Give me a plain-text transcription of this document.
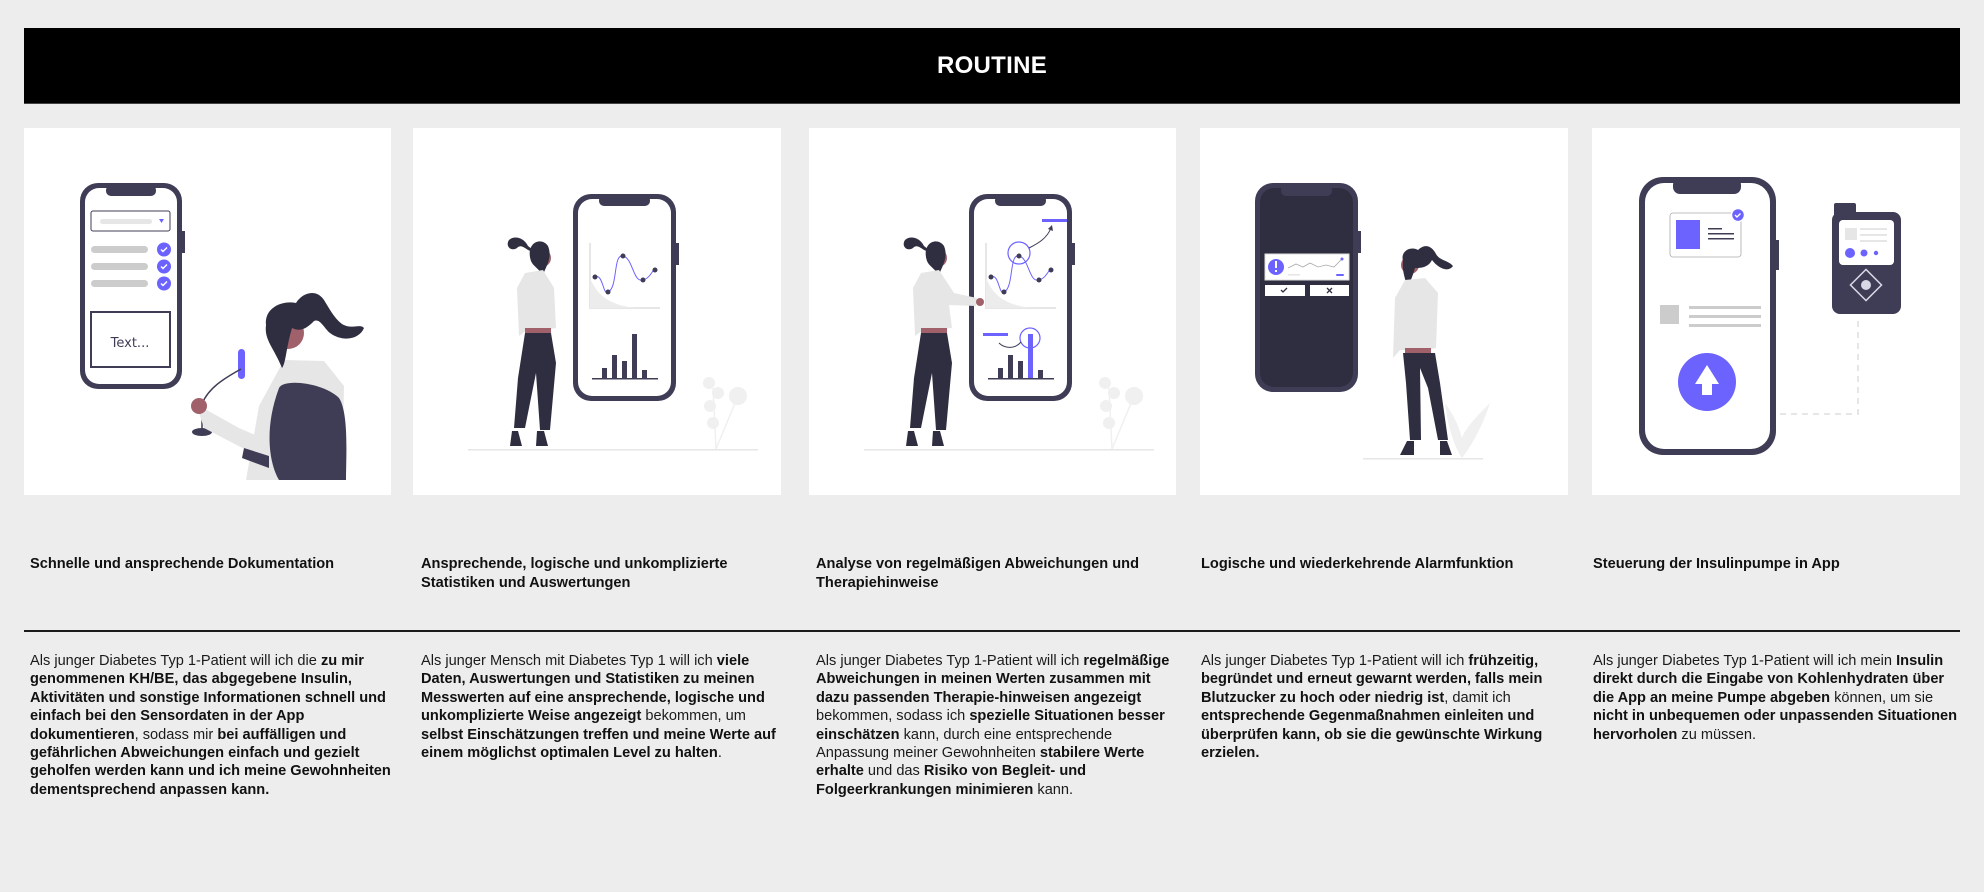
ROUTINE
Text...
Schnelle und ansprechende Dokumentation	Ansprechende, logische und unkomplizierte Statistiken und Auswertungen
Analyse von regelmäßigen Abweichungen und Therapiehinweise
Logische und wiederkehrende Alarmfunktion	Steuerung der Insulinpumpe in App
Als junger Diabetes Typ 1-Patient will ich die zu mir genommenen KH/BE, das abgegebene Insulin, Aktivitäten und sonstige Informationen schnell und einfach bei den Sensordaten in der App dokumentieren, sodass mir bei auffälligen und gefährlichen Abweichungen einfach und gezielt geholfen werden kann und ich meine Gewohnheiten dementsprechend anpassen kann.
Als junger Mensch mit Diabetes Typ 1 will ich viele Daten, Auswertungen und Statistiken zu meinen Messwerten auf eine ansprechende, logische und unkomplizierte Weise angezeigt bekommen, um selbst Einschätzungen treffen und meine Werte auf einem möglichst optimalen Level zu halten.
Als junger Diabetes Typ 1-Patient will ich regelmäßige Abweichungen in meinen Werten zusammen mit dazu passenden Therapie-hinweisen angezeigt bekommen, sodass ich spezielle Situationen besser einschätzen kann, durch eine entsprechende Anpassung meiner Gewohnheiten stabilere Werte erhalte und das Risiko von Begleit- und Folgeerkrankungen minimieren kann.
Als junger Diabetes Typ 1-Patient will ich frühzeitig, begründet und erneut gewarnt werden, falls mein Blutzucker zu hoch oder niedrig ist, damit ich entsprechende Gegenmaßnahmen einleiten und überprüfen kann, ob sie die gewünschte Wirkung erzielen.
Als junger Diabetes Typ 1-Patient will ich mein Insulin direkt durch die Eingabe von Kohlenhydraten über die App an meine Pumpe abgeben können, um sie nicht in unbequemen oder unpassenden Situationen hervorholen zu müssen.
